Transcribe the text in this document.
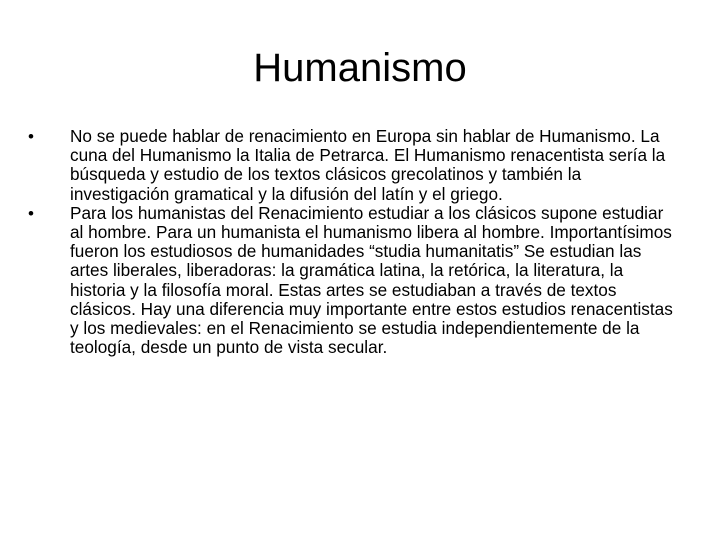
Humanismo
•	No se puede hablar de renacimiento en Europa sin hablar de Humanismo. La cuna del Humanismo la Italia de Petrarca. El Humanismo renacentista sería la búsqueda y estudio de los textos clásicos grecolatinos y también la investigación gramatical y la difusión del latín y el griego.
•	Para los humanistas del Renacimiento estudiar a los clásicos supone estudiar al hombre. Para un humanista el humanismo libera al hombre. Importantísimos fueron los estudiosos de humanidades “studia humanitatis” Se estudian las artes liberales, liberadoras: la gramática latina, la retórica, la literatura, la historia y la filosofía moral. Estas artes se estudiaban a través de textos clásicos. Hay una diferencia muy importante entre estos estudios renacentistas y los medievales: en el Renacimiento se estudia independientemente de la teología, desde un punto de vista secular.
